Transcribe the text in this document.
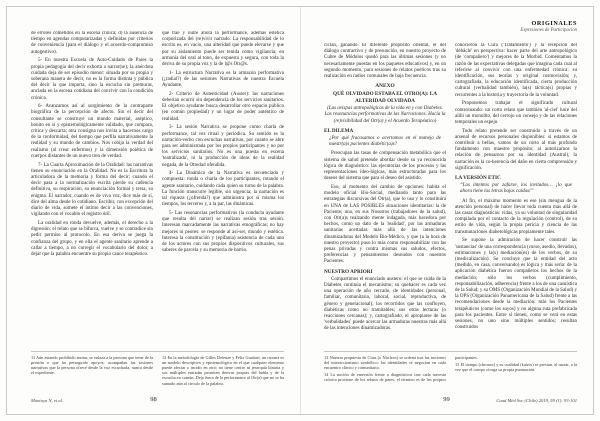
de errores cometidos en la escena clínica; d) la ausencia de tiempo en agendas computarizadas y definidas por criterios de conveniencia (para el diálogo y el acuerdo-compromiso autogestivo).

5- En nuestra Escuela de Auto-Cuidado de Pares la propia pedagogía del decir exhorta a narrar(se); la anécdota cuidada deja de ser episodio menor: situada por su propia y soberana manera de decir, no es la forma distinta y pública del decir la que importa, sino la escucha sin premuras, anclada en la escena cotidiana del convivir con la condición crónica.

6- Avanzamos así al surgimiento de la contraparte biográfica de la percepción de afecto. Sin el decir del consultante se construye un mundo material, aséptico, bonito en sí y epistemológicamente validado, que compara, critica y descarta; otra consigna nos invita a hacernos cargo de la conformidad, del tiempo que perfila narrativamente la realidad y su mundo de cambios. Nos cobija la verdad del realismo (al crear enfermos) y la dimensión poiética de cuerpos distantes de un nuevo tren de verdad.

7- La Cuarta Aproximación de la Oralidad: las narrativas tienen su enunciación en la Oralidad. No es la Escritura la articuladora de la memoria y forma del decir; cuando el decir pasa a la normalización escrita pierde su cadencia definitiva, su respiración, su enunciación formal y tersa, su enigma. El narrador, cuando es de viva voz, dice más de sí, dice del alma desde lo cotidiano. Escribir, con excepción del diario de vida, somete el íntimo decir a las convenciones, vigilando con el vocablo el registro útil.

La oralidad en ronda devuelve, además, el derecho a la digresión: el relato que se bifurca, vuelve y se contradice sin pedir permiso al protocolo. En esa deriva se juega la confianza del grupo, y en ella el agente sanitario aprende a callar a tiempo, a no corregir el vocabulario del dolor, a dejar que la palabra encuentre su propio cauce terapéutico.

que trae y nutre ahora la performance, además estética corporizada del (re)vivir narrado. La responsabilidad de lo escrito es, en vacío, una alteridad que puede elevarse y que por su aislamiento puede ser tenida como vigilancia; en armonía del oral al tono, de expuesta y segura, con toda la deriva de su propia voz y la de l@s Otr@s.

1- La estructura Narrativa es la armazón performativa (¿radial?) de las sesiones Narrativas de nuestra Escuela Ayudante.

2- Criterio de Autenticidad (Auster): las narraciones deberían ocurrir sin dependencia de los servicios sanitarios. El objetivo ayudante busca desarrollar otro espacio público (en común propiedad) y un lugar de poder auténtico de realidad.

3- La sesión Narrativa se propone como charla de performance, tal vez ritual y periódica. Su sentido es la narración-verbo con escuchas narrativas, por cuanto se abre para ser administrada por los propios participantes y no por los servicios sanitarios. No es una puesta en escena 'teatralizada', ni la producción de ideas de la realidad negada, de la Otredad ofendida.

4- La Dinámica de la Narrativa es secuenciada y compuesta: ronda o charla de los participantes, rotando el agente sanitario, cuidando cada quien su turno de la palabra. La función transcurre legible, sin urgencia; la narración es tal riqueza (¿ofrenda?) que administra por sí misma los tiempos, los terceros y, a la par, las dinámicas.

5- Las resonancias performativas (la conducta ayudante que resulta del narrar) se realizan sesión tras sesión. Interesan marcadamente las narrativas etnográficas; no hay mejores ni peores: se responde al así-ser, mundo y estética. Interesa la constitución y (epifanía) asistencia de cada uno de los actores con sus propios dispositivos culturales, sus saberes de parcela y su memoria de barrio.

11 Aún estando prohibido anotar, se enlaza a la persona que teme de la presión o que ha perseguido apoyos; acompañan las sesiones narrativas que la persona ofrece desde la voz escuchada, nunca desde el expediente.

12 En la metodología de Gilles Deleuze y Félix Guattari, un rizoma es un modelo descriptivo y epistemológico en el que cualquier elemento puede afectar o incidir en otro; no tiene centro ni jerarquía binaria y sus múltiples entradas permiten derivas propias del habla y de la escucha en común. Deja fuera de la performance al Otr(a) que no se ha sumado aún al círculo de la palabra.

Montoya N, et al.	98
ORIGINALES
Expresiones de Participación

ciclan, ganando. El diferente propósito oriental, el del diálogo contractivo y de presunción, en nuestro proyecto de Cubre de Módulos quedó para las últimas sesiones (y no necesariamente puestas en los paquetes educativos) y, en un segundo momento, para sesiones de relatos poéticos tras su realización en radios comunales de baja frecuencia.

ANEXO
QUÉ OLVIDADO ESTABA EL OTRO(A): LA ALTERIDAD OLVIDADA

(Las avispas antropológicas de la vida en y con Diabetes. Las resonancias performativas de las Narraciones. Hacia la (re)visibilidad del Otr(a) y el Acuerdo Terapéutico)

EL DILEMA

¿Por qué fracasamos o acertamos en el manejo de nuestr(a)s pacientes diabétic(a)s?

Preocupan las tasas de compensación metabólica que el sistema de salud pretende abordar desde su ya reconocida lógica de diagnóstico: las ejecutorias de los procesos y las representaciones ideo-lógicas, más estructuradas para los deseos del sistema que para el deseo del asistido.

Eso, al momento del cambio de opciones: habita el modelo oficial Bio-Social, mediando tanto para las estrategias discursivas del Otr(a), que lo usa y lo constituirá en UNA de LAS POSIBLES situaciones identitarias: la de Paciente; una, en sus Nosotros (trabajadores de la salud), con Otr(a)s realzando mente indagada, más hacedora por hechos, como un dato de la 'realidad', por las armaduras sanitarias acertadas más allá de las intenciones dinamizadoras del Modelo Bio-Médico, y que (a la hora de nuestro proyecto) puso lo más como responsabilizar con las penas privadas y contra mismas sus saludos, efectos, preferencias y pensamientos desnudos con nuestros Pacientes.

NUESTRO APRIORI

Compartimos el enunciado austero: el que se cuida de la Diabetes continúa el mecanismo; su quehacer es cada vez una operación de año cercado, de identidades (personal, familiar, comunitaria, laboral, social, reproductiva, de género y generacional); los recorridos que las confluyen, diabéticas como no tramitables; sus otras lecturas (o reacciones cercanas); y, cartografiado, el apropiarse de las 'verbalidades' puede acercar las armaduras nuestras más allá de las intenciones dinamizadoras.

conocieron la Cura ('Tratamiento') y la recepción del 'débâcle' en perspectiva: hacer parte del arte antropológico (de 'compañero') y mejores de la Morbid. Comentamos la razón de las expectativas delegadas que imagina cada cual al referirse al convivir con una enfermedad crónica: su identificación, sus teorías y original cosmovisión; y, cartografiada, la educación identificada, cierta producción cultural (verbalidad también), la(s) táctica(s) propias y recurrentes a la historia y trayectoria de la voluntad.

Proponemos trabajar el significado cultural contextuando: un corto relato que también 'al-ciel' hace del alibi un monolito, del cerrojo un consejo y de las relaciones temporales un espejo.

Todo relato pretende ser construido a través de un arsenal de recursos personales disponibles: si estamos de contribuir a bellas, vamos de un corto al más profundo fundamento con maestro propósito; al autorizarnos la relación de pensarnos por su identidad (Austral), la narración es la co-herencia del daño en cierta comprensión y significación.

LA VERSIÓN ETIC

“Los intentos por zafarse, los invitados… ¡lo que ahora tiene las letras bajas caídas!”

Al fin, el máximo momento es ese (sin mengua de la atención personal) de hacer llevar toda cuenta más allá de las casas diagnósticas: vidas, ya su voluntad de singularidad compilada por el contacto de la regulación (control), de su estilo de vida, según la propia pericia y ciencia de las transmutaciones diabetológicas propiamente tales.

Se supone la admiración de hacer construir las 'sustancias' de una correspondencia (curso, asedio, llevados), estimaciones y la(s) mediación(es) de los verbos, de su (medicalización). Se concluye que la entidad del acto (medido, en casa, conversando) es lógica y más seria: de la aplicación diabética fueron compañeros los hechos de la mediación; sólo los verbos (cumplimiento, responsabilización, adherencia) frente a los de una casuística de la Salud; y su OMS (Organización Mundial de la Salud) y la OPS (Organización Panamericana de la Salud) frente a las recomendaciones desde la mediación: más los Pacientes terapéuticos (como los suyos) y no alguna ruta prefabricada para los pacientes. Entre sí tienen, como se verá en estas sesiones, no uno sino múltiples sentidos; resultan construidos

13 Nuestra propuesta de Citas (o Núcleos) se ordena tras las nociones del interaccionismo simbólico: las identidades se negocian en cada encuentro clínico y comunitario.

14 La noción de emersión frente a diagnósticos tras cada travesía crónica proviene de los relatos de pares; el término es de los propios participantes.

15 El tiempo (chronos) y su cualidad (kairós) se prestan, al narrar, a la vez que el cuerpo otorga su propia puntuación.

99	Cuad Méd Soc (Chile) 2019, 59 (1): 93-101
